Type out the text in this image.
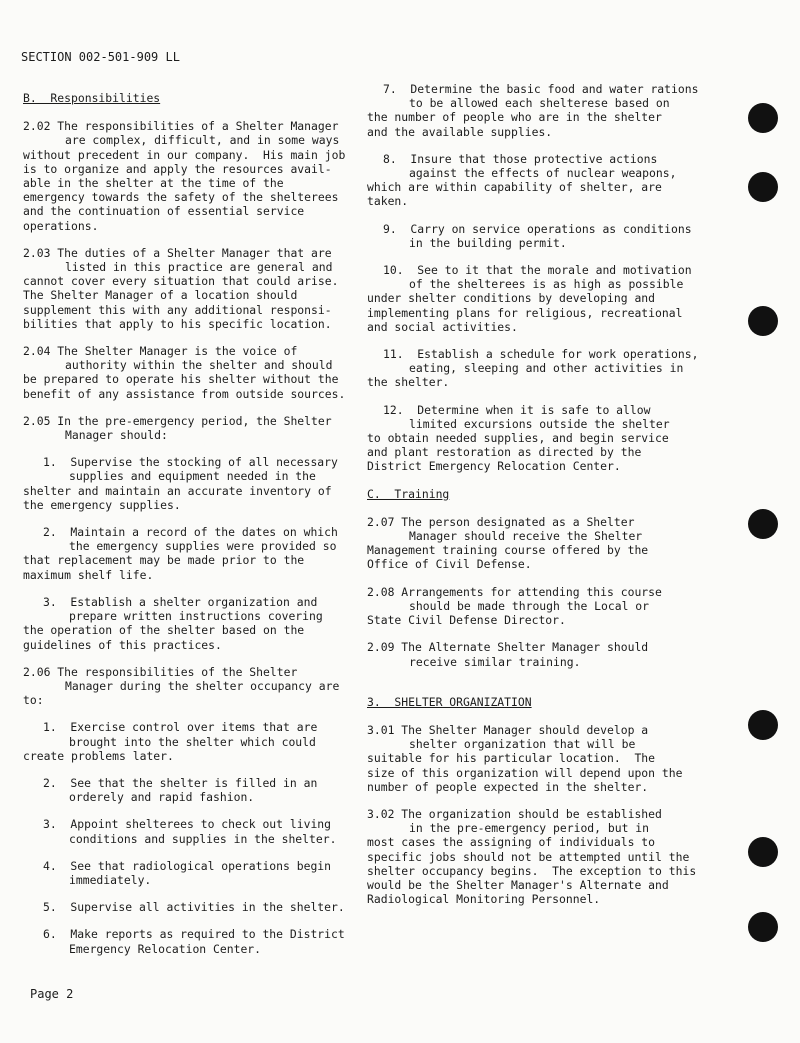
SECTION 002-501-909 LL
B.  Responsibilities
2.02 The responsibilities of a Shelter Manager
are complex, difficult, and in some ways
without precedent in our company.  His main job
is to organize and apply the resources avail-
able in the shelter at the time of the
emergency towards the safety of the shelterees
and the continuation of essential service
operations.
2.03 The duties of a Shelter Manager that are
listed in this practice are general and
cannot cover every situation that could arise.
The Shelter Manager of a location should
supplement this with any additional responsi-
bilities that apply to his specific location.
2.04 The Shelter Manager is the voice of
authority within the shelter and should
be prepared to operate his shelter without the
benefit of any assistance from outside sources.
2.05 In the pre-emergency period, the Shelter
Manager should:
1.  Supervise the stocking of all necessary
supplies and equipment needed in the
shelter and maintain an accurate inventory of
the emergency supplies.
2.  Maintain a record of the dates on which
the emergency supplies were provided so
that replacement may be made prior to the
maximum shelf life.
3.  Establish a shelter organization and
prepare written instructions covering
the operation of the shelter based on the
guidelines of this practices.
2.06 The responsibilities of the Shelter
Manager during the shelter occupancy are
to:
1.  Exercise control over items that are
brought into the shelter which could
create problems later.
2.  See that the shelter is filled in an
orderely and rapid fashion.
3.  Appoint shelterees to check out living
conditions and supplies in the shelter.
4.  See that radiological operations begin
immediately.
5.  Supervise all activities in the shelter.
6.  Make reports as required to the District
Emergency Relocation Center.
7.  Determine the basic food and water rations
to be allowed each shelterese based on
the number of people who are in the shelter
and the available supplies.
8.  Insure that those protective actions
against the effects of nuclear weapons,
which are within capability of shelter, are
taken.
9.  Carry on service operations as conditions
in the building permit.
10.  See to it that the morale and motivation
of the shelterees is as high as possible
under shelter conditions by developing and
implementing plans for religious, recreational
and social activities.
11.  Establish a schedule for work operations,
eating, sleeping and other activities in
the shelter.
12.  Determine when it is safe to allow
limited excursions outside the shelter
to obtain needed supplies, and begin service
and plant restoration as directed by the
District Emergency Relocation Center.
C.  Training
2.07 The person designated as a Shelter
Manager should receive the Shelter
Management training course offered by the
Office of Civil Defense.
2.08 Arrangements for attending this course
should be made through the Local or
State Civil Defense Director.
2.09 The Alternate Shelter Manager should
receive similar training.
3.  SHELTER ORGANIZATION
3.01 The Shelter Manager should develop a
shelter organization that will be
suitable for his particular location.  The
size of this organization will depend upon the
number of people expected in the shelter.
3.02 The organization should be established
in the pre-emergency period, but in
most cases the assigning of individuals to
specific jobs should not be attempted until the
shelter occupancy begins.  The exception to this
would be the Shelter Manager's Alternate and
Radiological Monitoring Personnel.
Page 2
